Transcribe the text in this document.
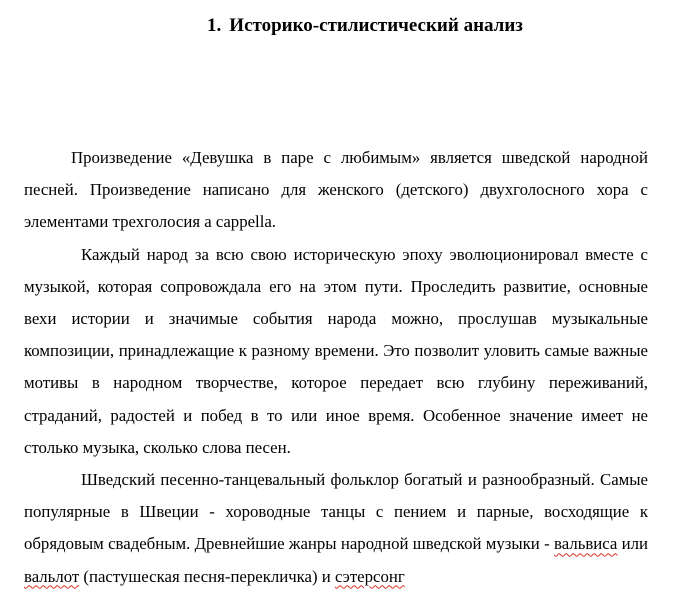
1. Историко-стилистический анализ

Произведение «Девушка в паре с любимым» является шведской народной песней. Произведение написано для женского (детского) двухголосного хора с элементами трехголосия a cappella.

Каждый народ за всю свою историческую эпоху эволюционировал вместе с музыкой, которая сопровождала его на этом пути. Проследить развитие, основные вехи истории и значимые события народа можно, прослушав музыкальные композиции, принадлежащие к разному времени. Это позволит уловить самые важные мотивы в народном творчестве, которое передает всю глубину переживаний, страданий, радостей и побед в то или иное время. Особенное значение имеет не столько музыка, сколько слова песен.

Шведский песенно-танцевальный фольклор богатый и разнообразный. Самые популярные в Швеции - хороводные танцы с пением и парные, восходящие к обрядовым свадебным. Древнейшие жанры народной шведской музыки - вальвиса или вальлот (пастушеская песня-перекличка) и сэтерсонг
